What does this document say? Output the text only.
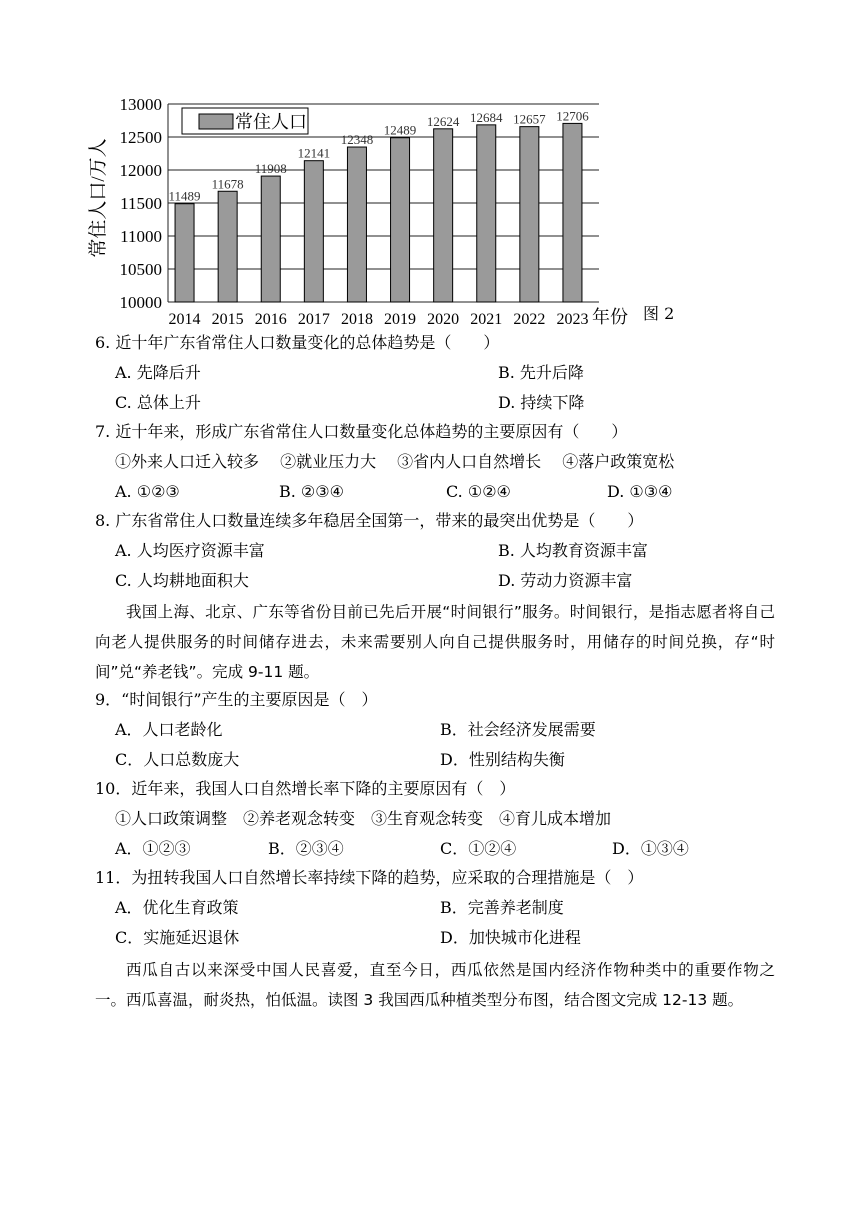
10000
10500
11000
11500
12000
12500
13000
11489
11678
11908
12141
12348
12489
12624 12684 12657 12706
2014 2015 2016 2017 2018 2019 2020 2021 2022 2023
常住人口/万人
年份
常住人口
图 2
6. 近十年广东省常住人口数量变化的总体趋势是（　　）
A. 先降后升	B. 先升后降
C. 总体上升	D. 持续下降
7. 近十年来，形成广东省常住人口数量变化总体趋势的主要原因有（　　）
①外来人口迁入较多　 ②就业压力大　 ③省内人口自然增长　 ④落户政策宽松
A. ①②③	B. ②③④	C. ①②④	D. ①③④
8. 广东省常住人口数量连续多年稳居全国第一，带来的最突出优势是（　　）
A. 人均医疗资源丰富	B. 人均教育资源丰富
C. 人均耕地面积大	D. 劳动力资源丰富
我国上海、北京、广东等省份目前已先后开展“时间银行”服务。时间银行，是指志愿者将自己向老人提供服务的时间储存进去，未来需要别人向自己提供服务时，用储存的时间兑换，存“时间”兑“养老钱”。完成 9-11 题。
9．“时间银行”产生的主要原因是（　）
A．人口老龄化	B．社会经济发展需要
C．人口总数庞大	D．性别结构失衡
10．近年来，我国人口自然增长率下降的主要原因有（　）
①人口政策调整　②养老观念转变　③生育观念转变　④育儿成本增加
A．①②③	B．②③④	C．①②④	D．①③④
11．为扭转我国人口自然增长率持续下降的趋势，应采取的合理措施是（　）
A．优化生育政策	B．完善养老制度
C．实施延迟退休	D．加快城市化进程
西瓜自古以来深受中国人民喜爱，直至今日，西瓜依然是国内经济作物种类中的重要作物之一。西瓜喜温，耐炎热，怕低温。读图 3 我国西瓜种植类型分布图，结合图文完成 12-13 题。
